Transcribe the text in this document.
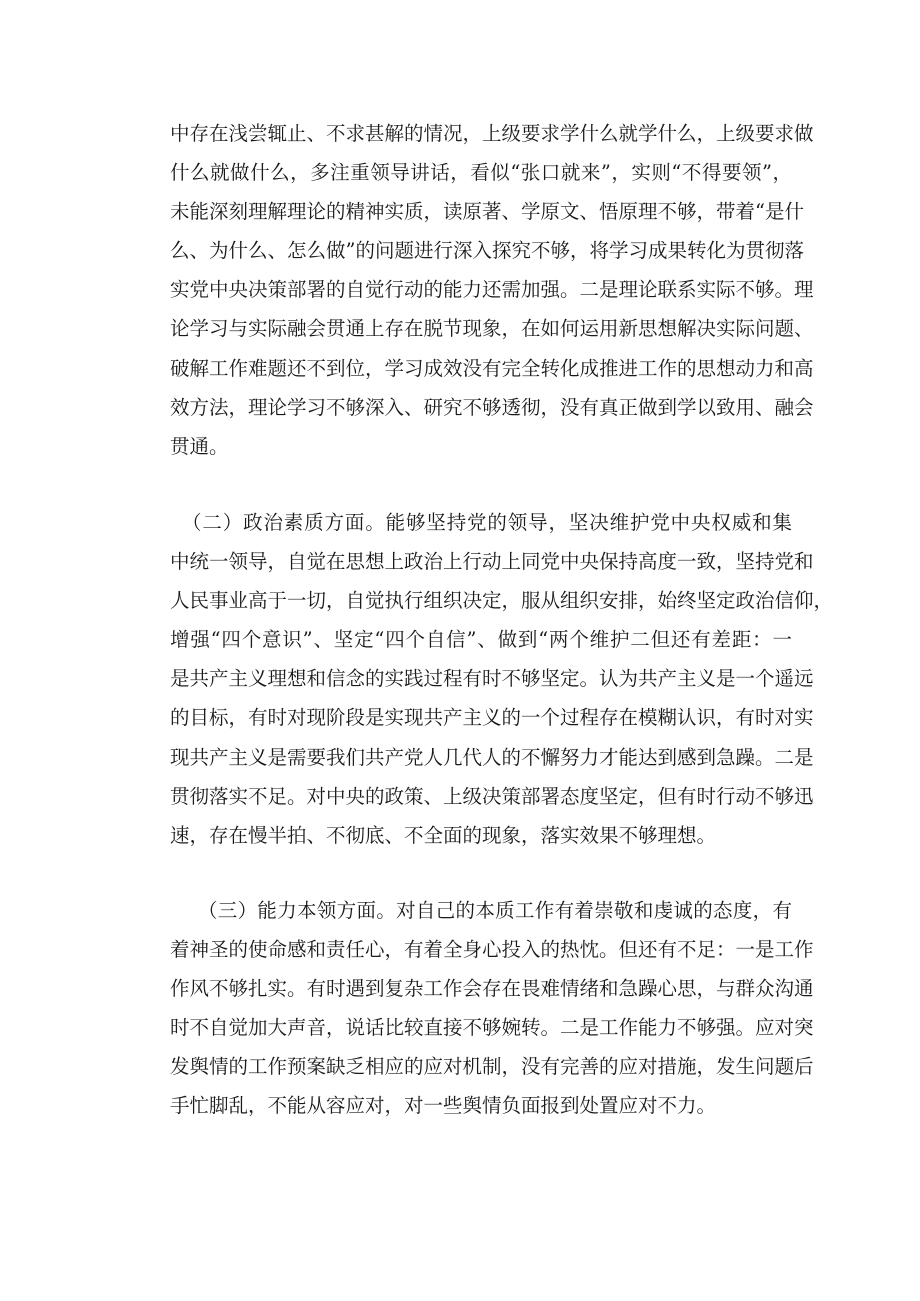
中存在浅尝辄止、不求甚解的情况，上级要求学什么就学什么，上级要求做
什么就做什么，多注重领导讲话，看似“张口就来”，实则“不得要领”，
未能深刻理解理论的精神实质，读原著、学原文、悟原理不够，带着“是什
么、为什么、怎么做”的问题进行深入探究不够，将学习成果转化为贯彻落
实党中央决策部署的自觉行动的能力还需加强。二是理论联系实际不够。理
论学习与实际融会贯通上存在脱节现象，在如何运用新思想解决实际问题、
破解工作难题还不到位，学习成效没有完全转化成推进工作的思想动力和高
效方法，理论学习不够深入、研究不够透彻，没有真正做到学以致用、融会
贯通。
（二）政治素质方面。能够坚持党的领导，坚决维护党中央权威和集
中统一领导，自觉在思想上政治上行动上同党中央保持高度一致，坚持党和
人民事业高于一切，自觉执行组织决定，服从组织安排，始终坚定政治信仰，
增强“四个意识”、坚定“四个自信”、做到“两个维护二但还有差距：一
是共产主义理想和信念的实践过程有时不够坚定。认为共产主义是一个遥远
的目标，有时对现阶段是实现共产主义的一个过程存在模糊认识，有时对实
现共产主义是需要我们共产党人几代人的不懈努力才能达到感到急躁。二是
贯彻落实不足。对中央的政策、上级决策部署态度坚定，但有时行动不够迅
速，存在慢半拍、不彻底、不全面的现象，落实效果不够理想。
（三）能力本领方面。对自己的本质工作有着崇敬和虔诚的态度，有
着神圣的使命感和责任心，有着全身心投入的热忱。但还有不足：一是工作
作风不够扎实。有时遇到复杂工作会存在畏难情绪和急躁心思，与群众沟通
时不自觉加大声音，说话比较直接不够婉转。二是工作能力不够强。应对突
发舆情的工作预案缺乏相应的应对机制，没有完善的应对措施，发生问题后
手忙脚乱，不能从容应对，对一些舆情负面报到处置应对不力。
